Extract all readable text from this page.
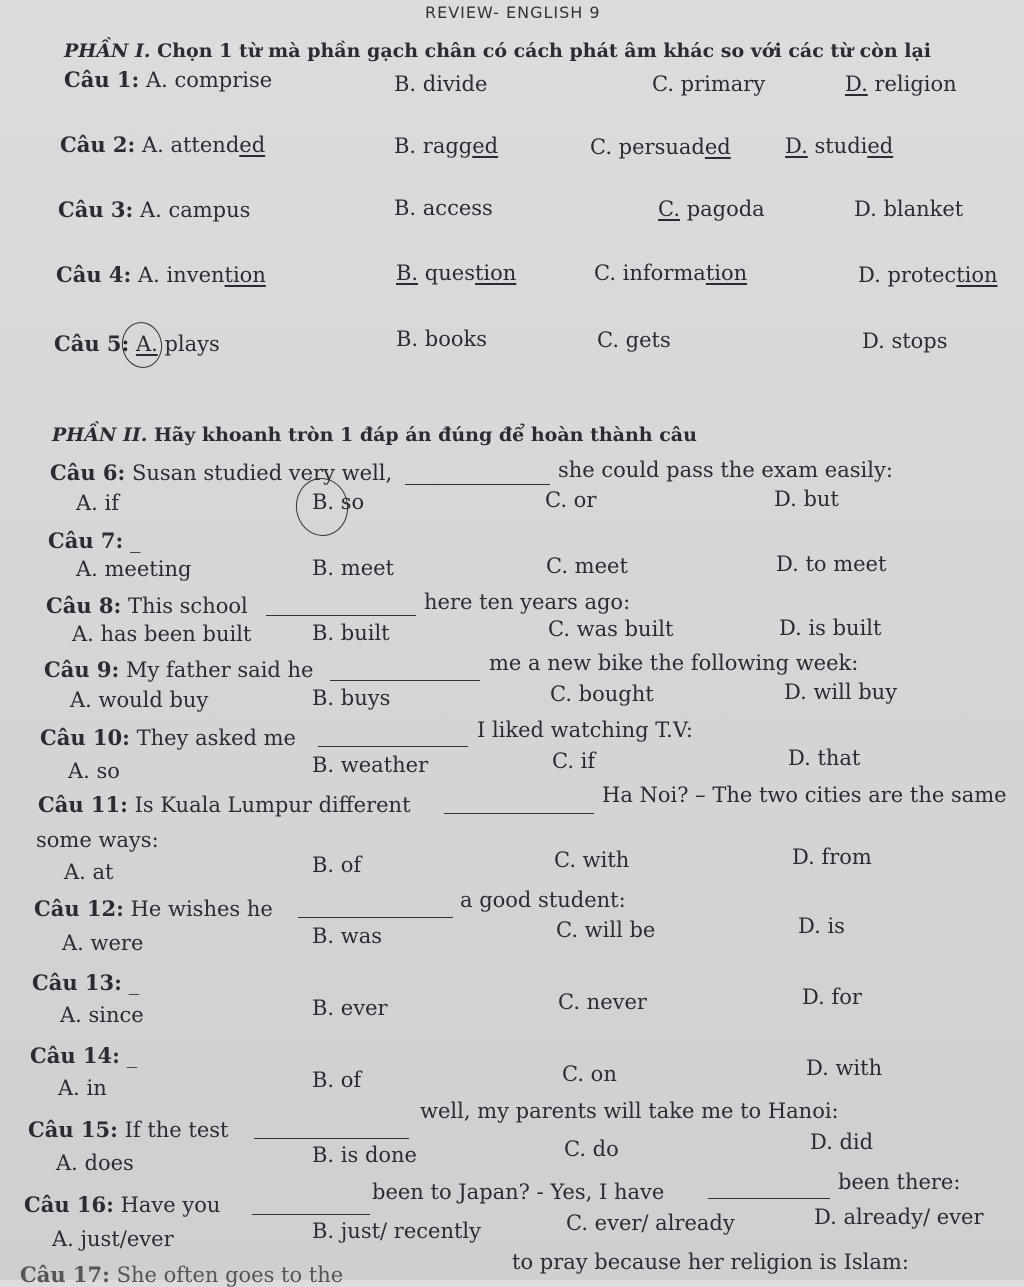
REVIEW- ENGLISH 9
PHẦN I. Chọn 1 từ mà phần gạch chân có cách phát âm khác so với các từ còn lại
Câu 1: A. comprise	B. divide	C. primary	D. religion
Câu 2: A. attended	B. ragged	C. persuaded	D. studied
Câu 3: A. campus	B. access	C. pagoda	D. blanket
Câu 4: A. invention	B. question	C. information	D. protection
Câu 5: A. plays	B. books	C. gets	D. stops
PHẦN II. Hãy khoanh tròn 1 đáp án đúng để hoàn thành câu
Câu 6: Susan studied very well,	she could pass the exam easily:
A. if	B. so	C. or	D. but
Câu 7: _
A. meeting	B. meet	C. meet	D. to meet
Câu 8: This school	here ten years ago:
A. has been built	B. built	C. was built	D. is built
Câu 9: My father said he	me a new bike the following week:
A. would buy	B. buys	C. bought	D. will buy
Câu 10: They asked me	I liked watching T.V:
A. so	B. weather	C. if	D. that
Câu 11: Is Kuala Lumpur different	Ha Noi? – The two cities are the same
some ways:
A. at	B. of	C. with	D. from
Câu 12: He wishes he	a good student:
A. were	B. was	C. will be	D. is
Câu 13: _
A. since	B. ever	C. never	D. for
Câu 14: _
A. in	B. of	C. on	D. with
Câu 15: If the test
well, my parents will take me to Hanoi:
A. does	B. is done	C. do	D. did
Câu 16: Have you
been to Japan? - Yes, I have	been there:
A. just/ever	B. just/ recently	C. ever/ already	D. already/ ever
Câu 17: She often goes to the
to pray because her religion is Islam:
